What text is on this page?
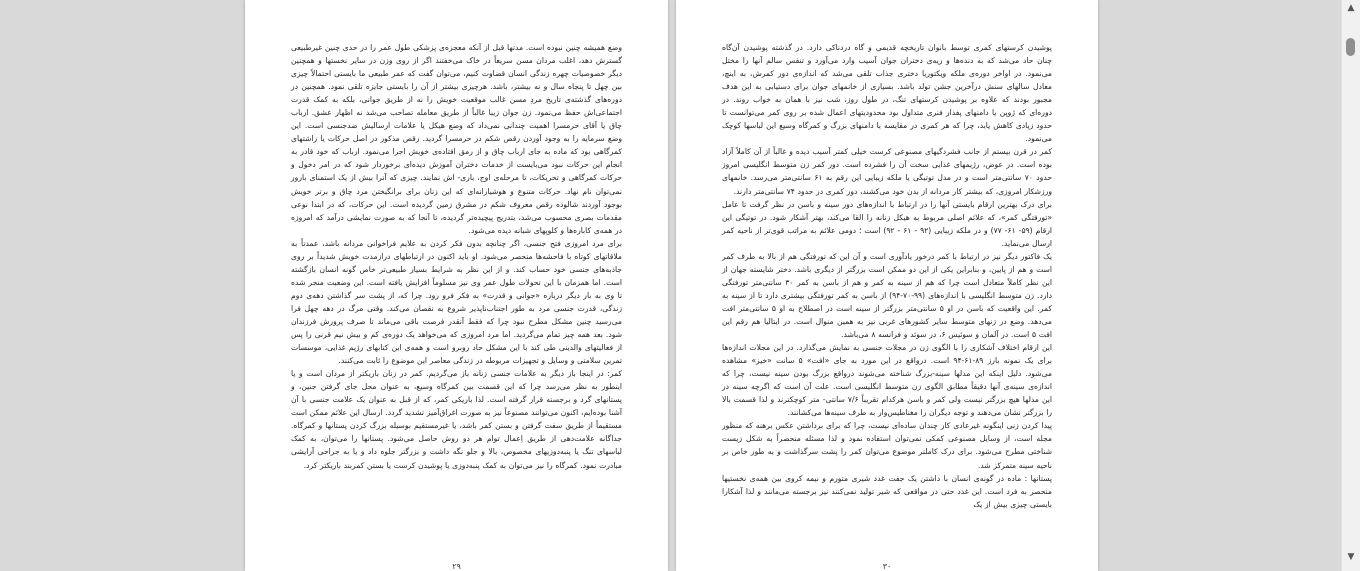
وضع همیشه چنین نبوده است. مدتها قبل از آنکه معجزه‌ی پزشکی طول عمر را در حدی چنین غیرطبیعی گسترش دهد، اغلب مردان مسن سریعاً در خاک می‌خفتند اگر از روی وزن در سایر نخستها و همچنین دیگر خصوصیات چهره زندگی انسان قضاوت کنیم، می‌توان گفت که عمر طبیعی ما بایستی احتمالاً چیزی بین چهل تا پنجاه سال و نه بیشتر، باشد. هرچیزی بیشتر از آن را بایستی جایزه تلقی نمود. همچنین در دوره‌های گذشته‌ی تاریخ مردِ مسن غالب موقعیت خویش را نه از طریق جوانی، بلکه به کمک قدرت اجتماعی‌اش حفظ می‌نمود. زن جوان زیبا غالباً از طریق معامله تصاحب می‌شد نه اظهار عشق. ارباب چاق یا آقای حرمسرا اهمیت چندانی نمی‌داد که وضع هیکل یا علامات ارسالیش ضدجنسی است. این وضع سرمایه را به وجود آوردن رقص شکم در حرمسرا گردید. رقص مذکور در اصل حرکات یا راشتهای کمرگاهی بود که ماده به جای ارباب چاق و از رمق افتاده‌ی خویش اجرا می‌نمود. ارباب که خود قادر به انجام این حرکات نبود می‌بایست از خدمات دختران آموزش دیده‌ای برخوردار شود که در امر دخول و حرکات کمرگاهی و تحریکات، تا مرحله‌ی اوج، باری- اش نمایند. چیزی که آنرا بیش از یک استمنای بارور نمی‌توان نام نهاد. حرکات متنوع و هوشیارانه‌ای که این زنان برای برانگیختن مرد چاق و برتر خویش بوجود آوردند شالوده رقص معروف شکم در مشرق زمین گردیده است. این حرکات، که در ابتدا نوعی مقدمات بصری محسوب می‌شد، بتدریج پیچیده‌تر گردیده، تا آنجا که به صورت نمایشی درآمد که امروزه در همه‌ی کاباره‌ها و کلوپهای شبانه دیده می‌شود.

برای مرد امروزی فتح جنسی، اگر چنانچه بدون فکر کردن به علایم فراخوانی مردانه باشد، عمدتاً به ملاقاتهای کوتاه با فاحشه‌ها منحصر می‌شود. او باید اکنون در ارتباطهای درازمدت خویش شدیداً بر روی جاذبه‌های جنسی خود حساب کند. و از این نظر به شرایط بسیار طبیعی‌تر خاص گونه انسان بازگشته است. اما همزمان با این تحولات طول عمر وی نیز مسلوماً افزایش یافته است. این وضعیت منجر شده تا وی به بار دیگر درباره «جوانی و قدرت» به فکر فرو رود. چرا که، از پشت سر گذاشتن دهه‌ی دوم زندگی، قدرت جنسی مرد به طور اجتناب‌ناپذیر شروع به نقصان می‌کند. وقتی مرگ در دهه چهل فرا می‌رسید چنین مشکل مطرح نبود چرا که فقط آنقدر فرصت باقی می‌ماند تا صرف پرورش فرزندان شود. بعد همه چیز تمام می‌گردید. اما مرد امروزی که می‌خواهد یک دوره‌ی کم و بیش نیم قرنی را پس از فعالیتهای والدینی طی کند با این مشکل حاد روبرو است و همه‌ی این کتابهای رژیم غذایی، موسسات تمرین سلامتی و وسایل و تجهیزات مربوطه در زندگی معاصر این موضوع را ثابت می‌کنند.

کمر: در اینجا باز دیگر به علامات جنسی زنانه باز می‌گردیم. کمر در زنان باریکتر از مردان است و یا اینطور به نظر می‌رسد چرا که این قسمت بین کمرگاه وسیع، به عنوان محل جای گرفتن جنین، و پستانهای گرد و برجسته قرار گرفته است. لذا باریکی کمر، که از قبل به عنوان یک علامت جنسی با آن آشنا بوده‌ایم، اکنون می‌توانند مصنوعاً نیز به صورت اغراق‌آمیز تشدید گردد. ارسال این علائم ممکن است مستقیماً از طریق سفت گرفتن و بستن کمر باشد، یا غیرمستقیم بوسیله بزرگ کردن پستانها و کمرگاه. جداگانه علامت‌دهی از طریق اِعمال توام هر دو روش حاصل می‌شود. پستانها را می‌توان، به کمک لباسهای تنگ یا پنبه‌دوزیهای مخصوص، بالا و جلو نگه داشت و بزرگتر جلوه داد و یا به جراحی آرایشی مبادرت نمود. کمرگاه را نیز می‌توان به کمک پنبه‌دوزی یا پوشیدن کرست یا بستن کمربند باریکتر کرد.

۲۹

پوشیدن کرستهای کمری توسط بانوان تاریخچه قدیمی و گاه دردناکی دارد. در گذشته پوشیدن آن‌گاه چنان حاد می‌شد که به دنده‌ها و ریه‌ی دختران جوان آسیب وارد می‌آورد و تنفس سالم آنها را مختل می‌نمود. در اواخر دوره‌ی ملکه ویکتوریا دختری جذاب تلقی می‌شد که اندازه‌ی دور کمرش، به اینچ، معادل سالهای سنش درآخرین جشن تولد باشد. بسیاری از خانمهای جوان برای دستیابی به این هدف مجبور بودند که علاوه بر پوشیدن کرستهای تنگ، در طول روز، شب نیز با همان به خواب روند. در دوره‌ای که ژوپن یا دامنهای پفدار فنری متداول بود محدودیتهای اعمال شده بر روی کمر می‌توانست تا حدود زیادی کاهش یابد، چرا که هر کمری در مقایسه با دامنهای بزرگ و کمرگاه وسیع این لباسها کوچک می‌نمود.

کمر در قرن بیستم از جانب فشردگیهای مصنوعی کرست خیلی کمتر آسیب دیده و غالباً از آن کاملاً آزاد بوده است. در عوض، رژیمهای غذایی سخت آن را فشرده است. دور کمر زن متوسط انگلیسی امروز حدود ۷۰ سانتی‌متر است و در مدل توتیگی یا ملکه زیبایی این رقم به ۶۱ سانتی‌متر می‌رسد. خانمهای ورزشکار امروزی، که بیشتر کار مردانه از بدن خود می‌کشند، دور کمری در حدود ۷۴ سانتی‌متر دارند.

برای درک بهترین ارقام بایستی آنها را در ارتباط با اندازه‌های دور سینه و باسن در نظر گرفت تا عامل «تورفتگی کمر»، که علائم اصلی مربوط به هیکل زنانه را القا می‌کند، بهتر آشکار شود. در توتیگی این ارقام (۵۹- ۶۱- ۷۷) و در ملکه زیبایی (۹۲ - ۶۱ - ۹۲) است ؛ دومی علائم به مراتب قوی‌تر از ناحیه کمر ارسال می‌نماید.

یک فاکتور دیگر نیز در ارتباط با کمر درخور یادآوری است و آن این که تورفتگی هم از بالا به طرف کمر است و هم از پایین، و بنابراین یکی از این دو ممکن است بزرگتر از دیگری باشد. دختر شایسته جهان از این نظر کاملاً متعادل است چرا که هم از سینه به کمر و هم از باسن به کمر ۳۰ سانتی‌متر تورفتگی دارد. زن متوسط انگلیسی با اندازه‌های (۹۹-۷۰-۹۴) از باسن به کمر تورفتگی بیشتری دارد تا از سینه به کمر. این واقعیت که باسن در او ۵ سانتی‌متر بزرگتر از سینه است در اصطلاح به او ۵ سانتی‌متر افت می‌دهد. وضع در زنهای متوسط سایر کشورهای غربی نیز به همین منوال است. در ایتالیا هم رقم این افت ۵ است. در آلمان و سوئیس ۶، در سوئد و فرانسه ۸ می‌باشد.

این ارقام اختلاف آشکاری را با الگوی زن در مجلات جنسی به نمایش می‌گذارد. در این مجلات اندازه‌ها برای یک نمونه بارز ۸۹-۶۱-۹۴ است. درواقع در این مورد به جای «افت» ۵ سانت «خیز» مشاهده می‌شود. دلیل اینکه این مدلها سینه-بزرگ شناخته می‌شوند درواقع بزرگ بودن سینه نیست، چرا که اندازه‌ی سینه‌ی آنها دقیقاً مطابق الگوی زن متوسط انگلیسی است. علت آن است که اگرچه سینه در این مدلها هیچ بزرگتر نیست ولی کمر و باسن هرکدام تقریباً ۷/۶ سانتی- متر کوچکترند و لذا قسمت بالا را بزرگتر نشان می‌دهند و توجه دیگران را مغناطیس‌وار به طرف سینه‌ها می‌کشانند.

پیدا کردن زنی اینگونه غیرعادی کار چندان ساده‌ای نیست، چرا که برای برداشتن عکس برهنه که منظور مجله است، از وسایل مصنوعی کمکی نمی‌توان استفاده نمود و لذا مسئله منحصراً به شکل زیست شناختی مطرح می‌شود. برای درک کاملتر موضوع می‌توان کمر را پشت سرگذاشت و به طور خاص بر ناحیه سینه متمرکز شد.

پستانها : ماده در گونه‌ی انسان با داشتن یک جفت غدد شیری متورم و نیمه کروی بین همه‌ی نخستیها منحصر به فرد است. این غدد حتی در مواقعی که شیر تولید نمی‌کنند نیز برجسته می‌مانند و لذا آشکارا بایستی چیزی بیش از یک

۳۰
▲
▼
